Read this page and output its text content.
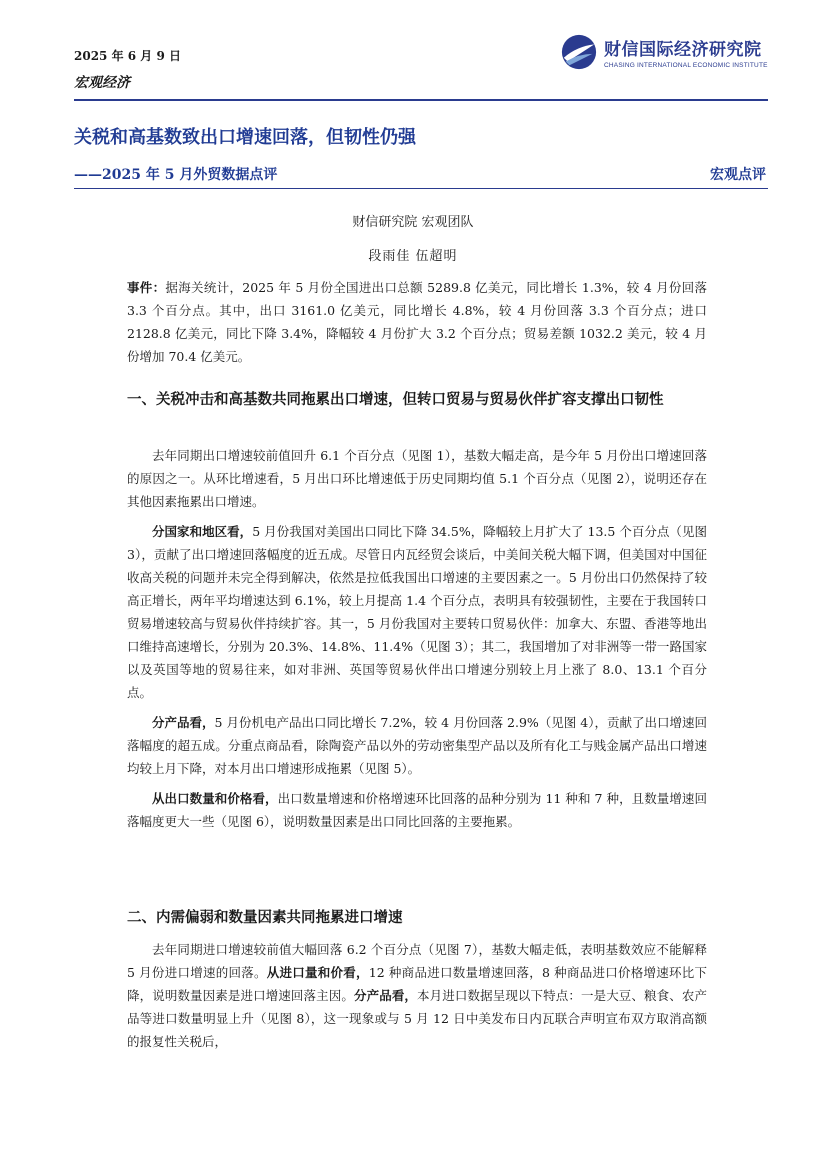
2025 年 6 月 9 日
宏观经济
财信国际经济研究院
CHASING INTERNATIONAL ECONOMIC INSTITUTE
关税和高基数致出口增速回落，但韧性仍强
——2025 年 5 月外贸数据点评	宏观点评
财信研究院 宏观团队
段雨佳 伍超明

事件：据海关统计，2025 年 5 月份全国进出口总额 5289.8 亿美元，同比增长 1.3%，较 4 月份回落 3.3 个百分点。其中，出口 3161.0 亿美元，同比增长 4.8%，较 4 月份回落 3.3 个百分点；进口 2128.8 亿美元，同比下降 3.4%，降幅较 4 月份扩大 3.2 个百分点；贸易差额 1032.2 美元，较 4 月份增加 70.4 亿美元。

一、关税冲击和高基数共同拖累出口增速，但转口贸易与贸易伙伴扩容支撑出口韧性

去年同期出口增速较前值回升 6.1 个百分点（见图 1），基数大幅走高，是今年 5 月份出口增速回落的原因之一。从环比增速看，5 月出口环比增速低于历史同期均值 5.1 个百分点（见图 2），说明还存在其他因素拖累出口增速。

分国家和地区看，5 月份我国对美国出口同比下降 34.5%，降幅较上月扩大了 13.5 个百分点（见图 3），贡献了出口增速回落幅度的近五成。尽管日内瓦经贸会谈后，中美间关税大幅下调，但美国对中国征收高关税的问题并未完全得到解决，依然是拉低我国出口增速的主要因素之一。5 月份出口仍然保持了较高正增长，两年平均增速达到 6.1%，较上月提高 1.4 个百分点，表明具有较强韧性，主要在于我国转口贸易增速较高与贸易伙伴持续扩容。其一，5 月份我国对主要转口贸易伙伴：加拿大、东盟、香港等地出口维持高速增长，分别为 20.3%、14.8%、11.4%（见图 3）；其二，我国增加了对非洲等一带一路国家以及英国等地的贸易往来，如对非洲、英国等贸易伙伴出口增速分别较上月上涨了 8.0、13.1 个百分点。

分产品看，5 月份机电产品出口同比增长 7.2%，较 4 月份回落 2.9%（见图 4），贡献了出口增速回落幅度的超五成。分重点商品看，除陶瓷产品以外的劳动密集型产品以及所有化工与贱金属产品出口增速均较上月下降，对本月出口增速形成拖累（见图 5）。

从出口数量和价格看，出口数量增速和价格增速环比回落的品种分别为 11 种和 7 种，且数量增速回落幅度更大一些（见图 6），说明数量因素是出口同比回落的主要拖累。

二、内需偏弱和数量因素共同拖累进口增速

去年同期进口增速较前值大幅回落 6.2 个百分点（见图 7），基数大幅走低，表明基数效应不能解释 5 月份进口增速的回落。从进口量和价看，12 种商品进口数量增速回落，8 种商品进口价格增速环比下降，说明数量因素是进口增速回落主因。分产品看，本月进口数据呈现以下特点：一是大豆、粮食、农产品等进口数量明显上升（见图 8），这一现象或与 5 月 12 日中美发布日内瓦联合声明宣布双方取消高额的报复性关税后，
